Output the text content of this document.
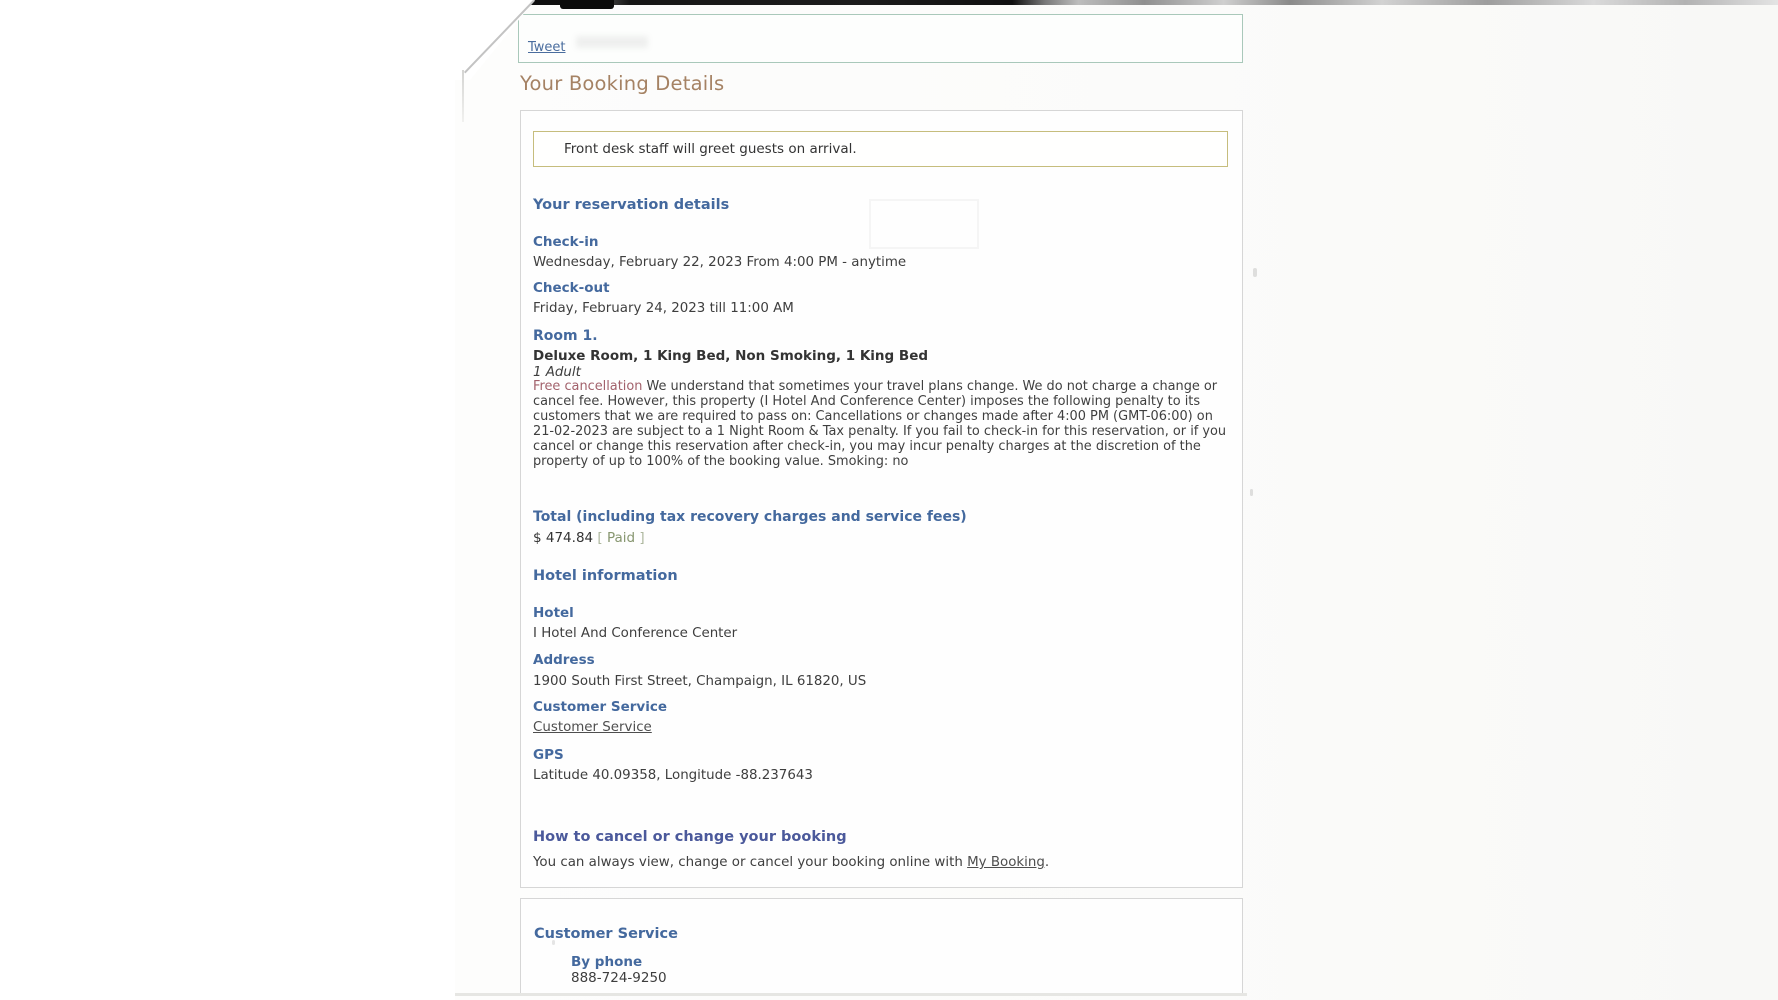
Tweet
Your Booking Details
Front desk staff will greet guests on arrival.
Your reservation details
Check-in
Wednesday, February 22, 2023 From 4:00 PM - anytime
Check-out
Friday, February 24, 2023 till 11:00 AM
Room 1.
Deluxe Room, 1 King Bed, Non Smoking, 1 King Bed
1 Adult
Free cancellation We understand that sometimes your travel plans change. We do not charge a change or cancel fee. However, this property (I Hotel And Conference Center) imposes the following penalty to its customers that we are required to pass on: Cancellations or changes made after 4:00 PM (GMT-06:00) on 21-02-2023 are subject to a 1 Night Room & Tax penalty. If you fail to check-in for this reservation, or if you cancel or change this reservation after check-in, you may incur penalty charges at the discretion of the property of up to 100% of the booking value. Smoking: no
Total (including tax recovery charges and service fees)
$ 474.84 [ Paid ]
Hotel information
Hotel
I Hotel And Conference Center
Address
1900 South First Street, Champaign, IL 61820, US
Customer Service
Customer Service
GPS
Latitude 40.09358, Longitude -88.237643
How to cancel or change your booking
You can always view, change or cancel your booking online with My Booking.
Customer Service
By phone
888-724-9250
